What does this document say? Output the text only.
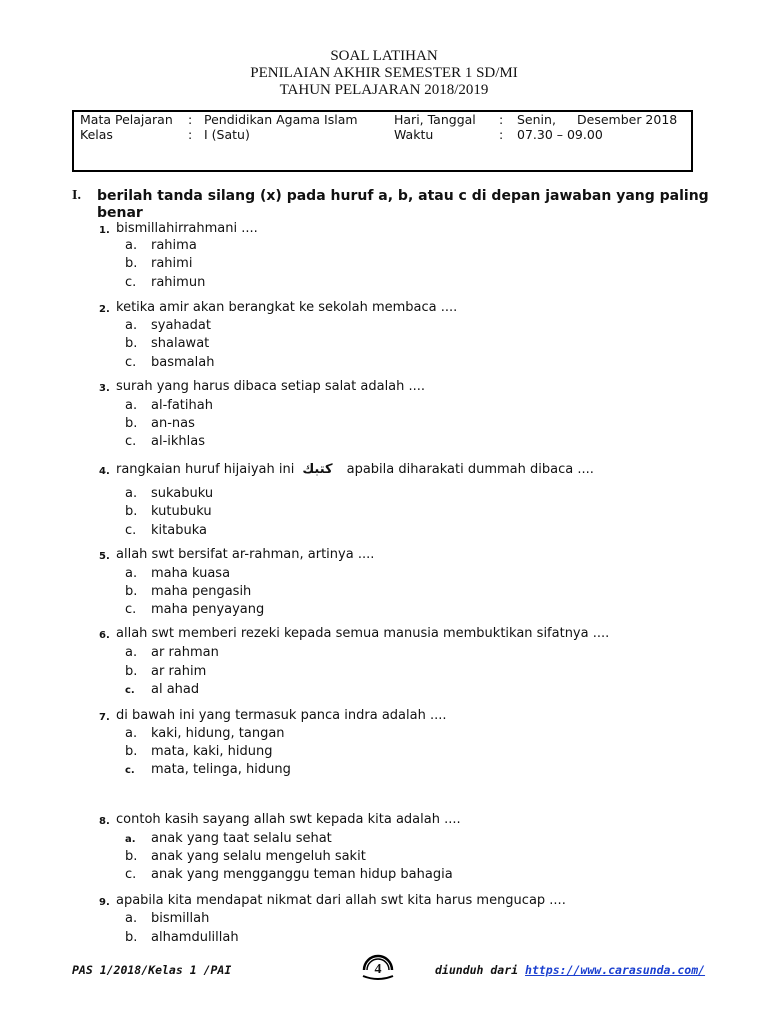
SOAL LATIHAN
PENILAIAN AKHIR SEMESTER 1 SD/MI
TAHUN PELAJARAN 2018/2019
Mata Pelajaran : Pendidikan Agama Islam	Hari, Tanggal : Senin, Desember 2018
Kelas	: I (Satu)	Waktu	: 07.30 – 09.00
I. berilah tanda silang (x) pada huruf a, b, atau c di depan jawaban yang paling
benar
1. bismillahirrahmani ....
a. rahima
b. rahimi
c. rahimun
2. ketika amir akan berangkat ke sekolah membaca ....
a. syahadat
b. shalawat
c. basmalah
3. surah yang harus dibaca setiap salat adalah ....
a. al-fatihah
b. an-nas
c. al-ikhlas
4. rangkaian huruf hijaiyah ini كتبك apabila diharakati dummah dibaca ....
a. sukabuku
b. kutubuku
c. kitabuka
5. allah swt bersifat ar-rahman, artinya ....
a. maha kuasa
b. maha pengasih
c. maha penyayang
6. allah swt memberi rezeki kepada semua manusia membuktikan sifatnya ....
a. ar rahman
b. ar rahim
c. al ahad
7. di bawah ini yang termasuk panca indra adalah ....
a. kaki, hidung, tangan
b. mata, kaki, hidung
c. mata, telinga, hidung
8. contoh kasih sayang allah swt kepada kita adalah ....
a. anak yang taat selalu sehat
b. anak yang selalu mengeluh sakit
c. anak yang mengganggu teman hidup bahagia
9. apabila kita mendapat nikmat dari allah swt kita harus mengucap ....
a. bismillah
b. alhamdulillah
PAS 1/2018/Kelas 1 /PAI	4	diunduh dari https://www.carasunda.com/
